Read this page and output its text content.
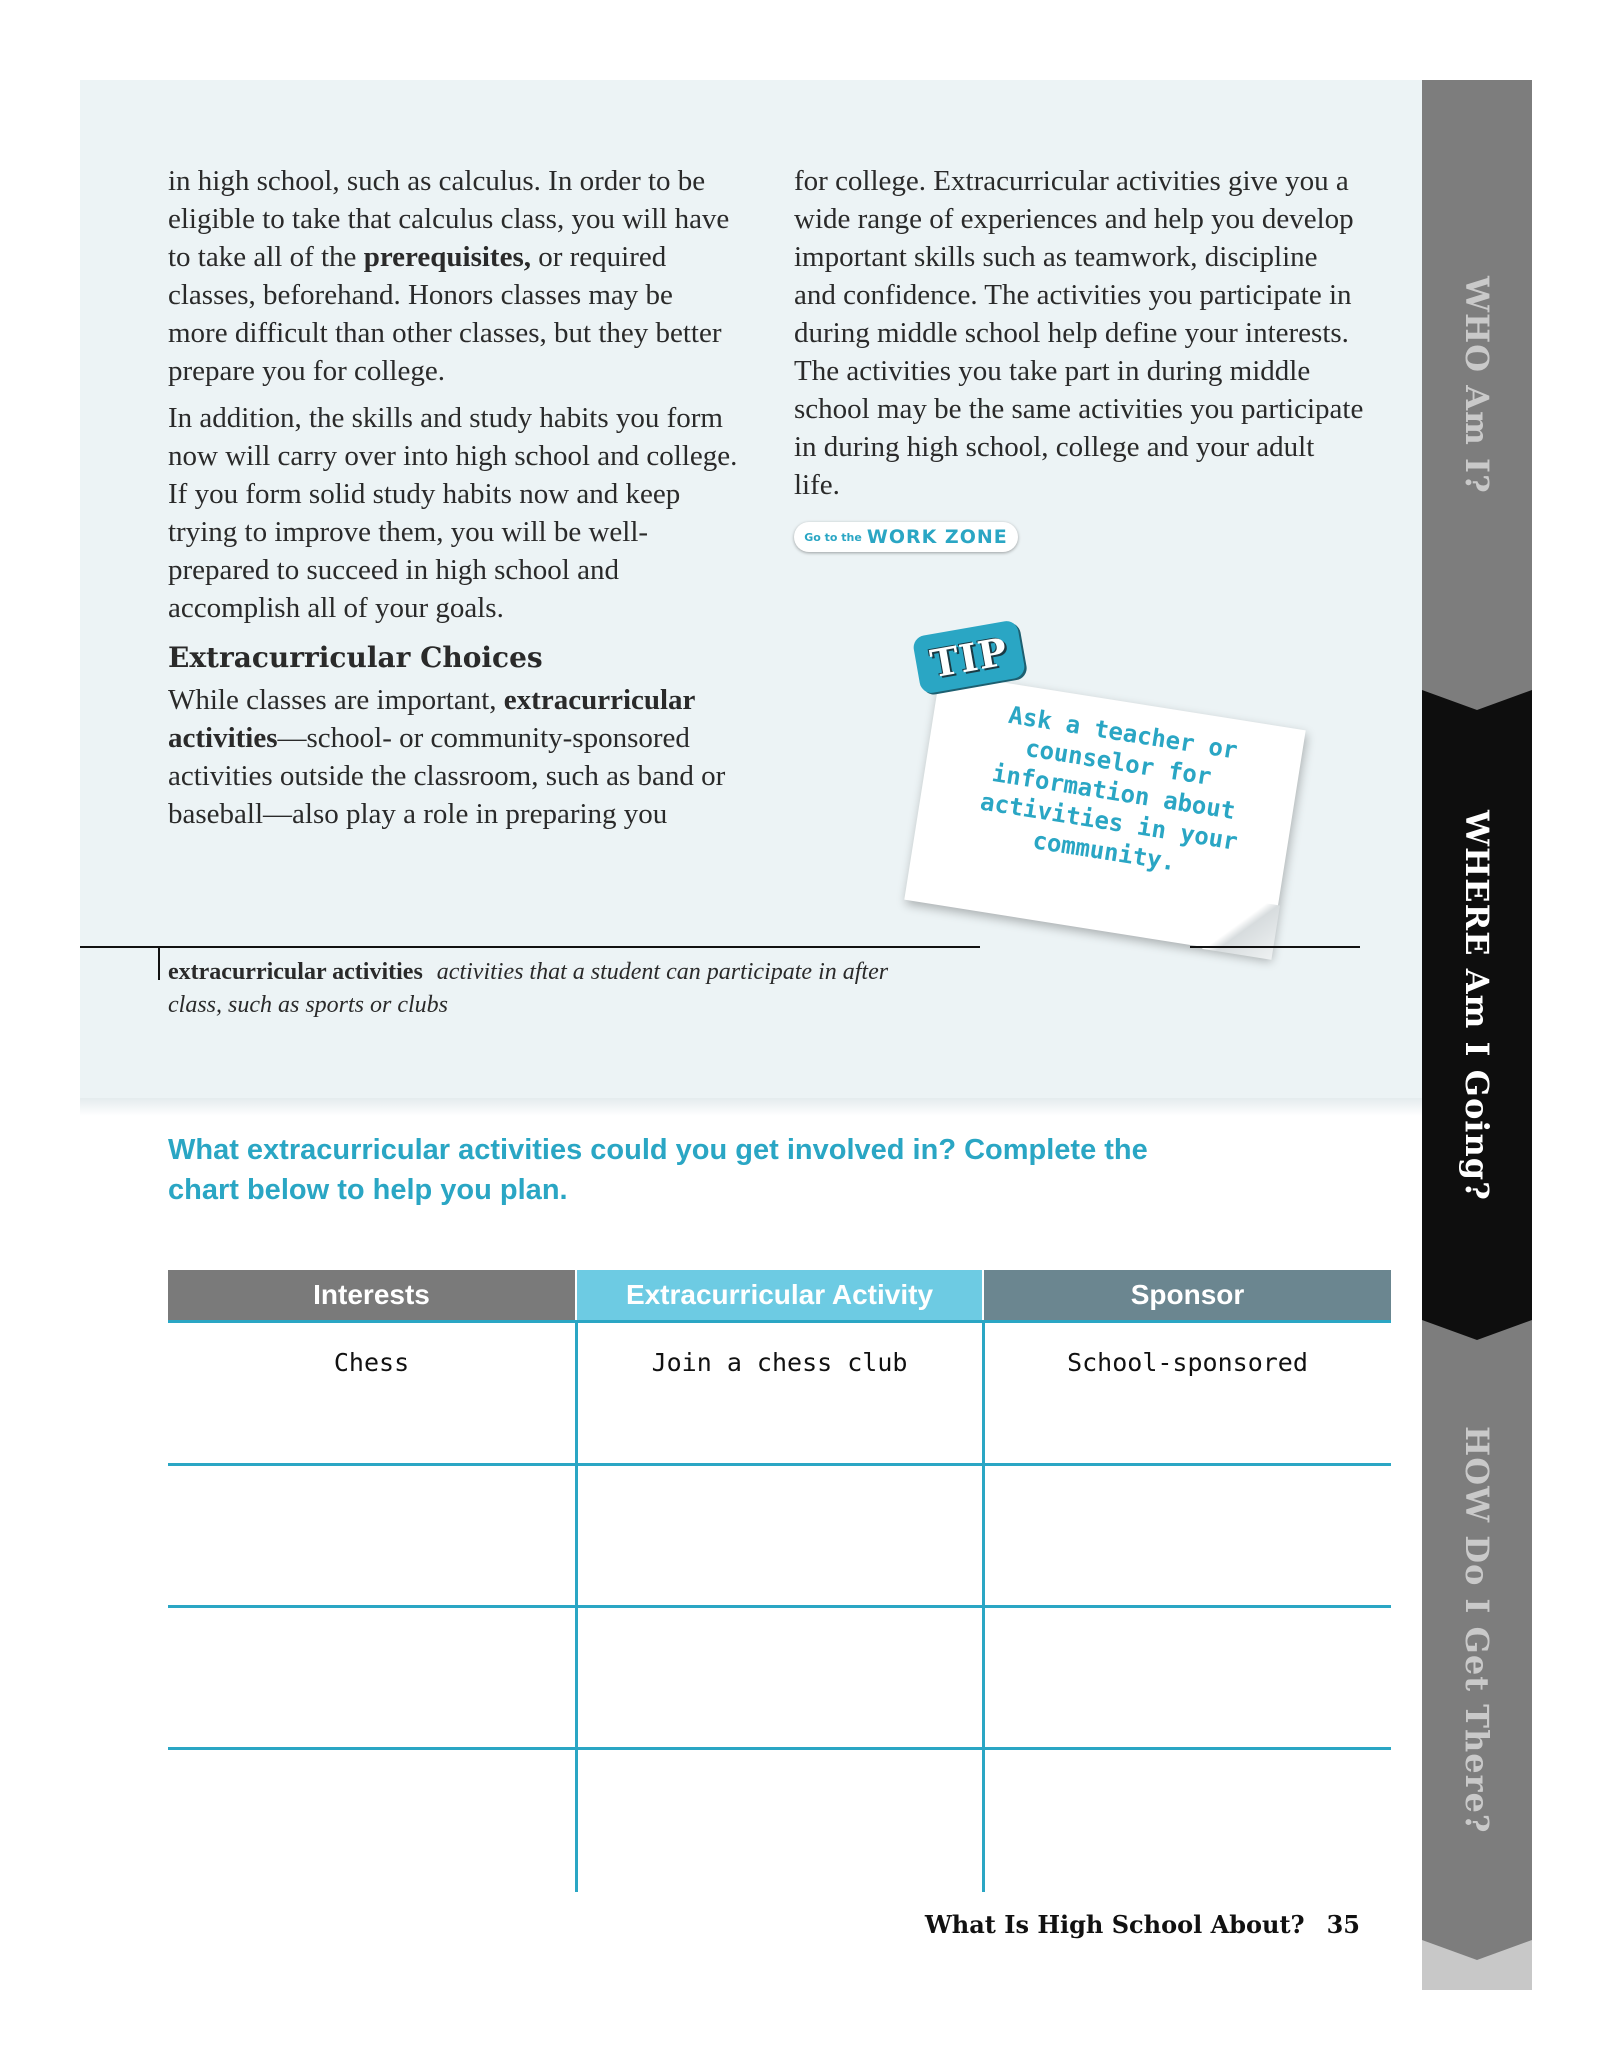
in high school, such as calculus. In order to be eligible to take that calculus class, you will have to take all of the prerequisites, or required classes, beforehand. Honors classes may be more difficult than other classes, but they better prepare you for college.

In addition, the skills and study habits you form now will carry over into high school and college. If you form solid study habits now and keep trying to improve them, you will be well-prepared to succeed in high school and accomplish all of your goals.

Extracurricular Choices

While classes are important, extracurricular activities—school- or community-sponsored activities outside the classroom, such as band or baseball—also play a role in preparing you

for college. Extracurricular activities give you a wide range of experiences and help you develop important skills such as teamwork, discipline and confidence. The activities you participate in during middle school help define your interests. The activities you take part in during middle school may be the same activities you participate in during high school, college and your adult life.

Go to the WORK ZONE
Ask a teacher or counselor for information about activities in your community.
TIP
extracurricular activities activities that a student can participate in after class, such as sports or clubs
What extracurricular activities could you get involved in? Complete the chart below to help you plan.
Interests	Extracurricular Activity	Sponsor
Chess	Join a chess club	School-sponsored
What Is High School About? 35
WHO Am I?
WHERE Am I Going?
HOW Do I Get There?
